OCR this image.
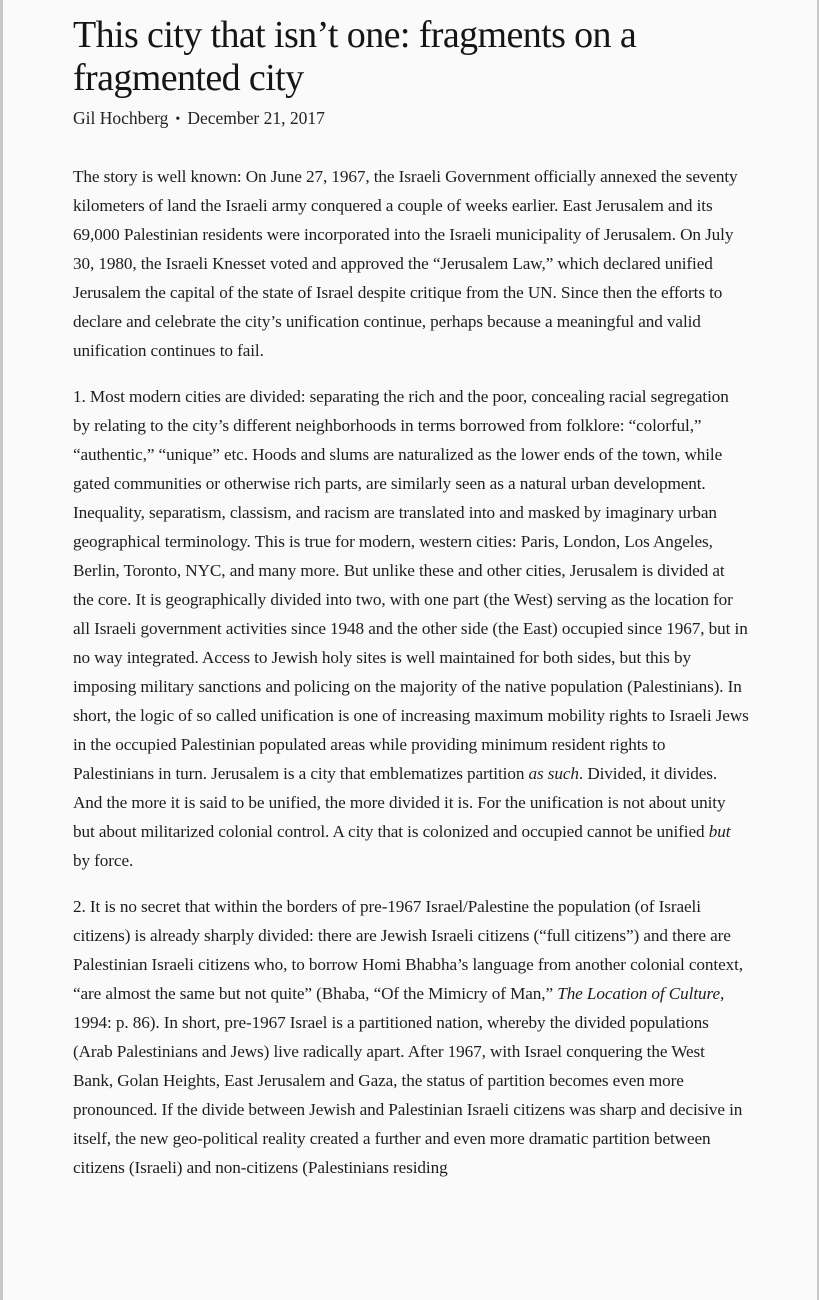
This city that isn’t one: fragments on a fragmented city
Gil Hochberg • December 21, 2017

The story is well known: On June 27, 1967, the Israeli Government officially annexed the seventy kilometers of land the Israeli army conquered a couple of weeks earlier. East Jerusalem and its 69,000 Palestinian residents were incorporated into the Israeli municipality of Jerusalem. On July 30, 1980, the Israeli Knesset voted and approved the “Jerusalem Law,” which declared unified Jerusalem the capital of the state of Israel despite critique from the UN. Since then the efforts to declare and celebrate the city’s unification continue, perhaps because a meaningful and valid unification continues to fail.

1. Most modern cities are divided: separating the rich and the poor, concealing racial segregation by relating to the city’s different neighborhoods in terms borrowed from folklore: “colorful,” “authentic,” “unique” etc. Hoods and slums are naturalized as the lower ends of the town, while gated communities or otherwise rich parts, are similarly seen as a natural urban development. Inequality, separatism, classism, and racism are translated into and masked by imaginary urban geographical terminology. This is true for modern, western cities: Paris, London, Los Angeles, Berlin, Toronto, NYC, and many more. But unlike these and other cities, Jerusalem is divided at the core. It is geographically divided into two, with one part (the West) serving as the location for all Israeli government activities since 1948 and the other side (the East) occupied since 1967, but in no way integrated. Access to Jewish holy sites is well maintained for both sides, but this by imposing military sanctions and policing on the majority of the native population (Palestinians). In short, the logic of so called unification is one of increasing maximum mobility rights to Israeli Jews in the occupied Palestinian populated areas while providing minimum resident rights to Palestinians in turn. Jerusalem is a city that emblematizes partition as such. Divided, it divides. And the more it is said to be unified, the more divided it is. For the unification is not about unity but about militarized colonial control. A city that is colonized and occupied cannot be unified but by force.

2. It is no secret that within the borders of pre-1967 Israel/Palestine the population (of Israeli citizens) is already sharply divided: there are Jewish Israeli citizens (“full citizens”) and there are Palestinian Israeli citizens who, to borrow Homi Bhabha’s language from another colonial context, “are almost the same but not quite” (Bhaba, “Of the Mimicry of Man,” The Location of Culture, 1994: p. 86). In short, pre-1967 Israel is a partitioned nation, whereby the divided populations (Arab Palestinians and Jews) live radically apart. After 1967, with Israel conquering the West Bank, Golan Heights, East Jerusalem and Gaza, the status of partition becomes even more pronounced. If the divide between Jewish and Palestinian Israeli citizens was sharp and decisive in itself, the new geo-political reality created a further and even more dramatic partition between citizens (Israeli) and non-citizens (Palestinians residing
